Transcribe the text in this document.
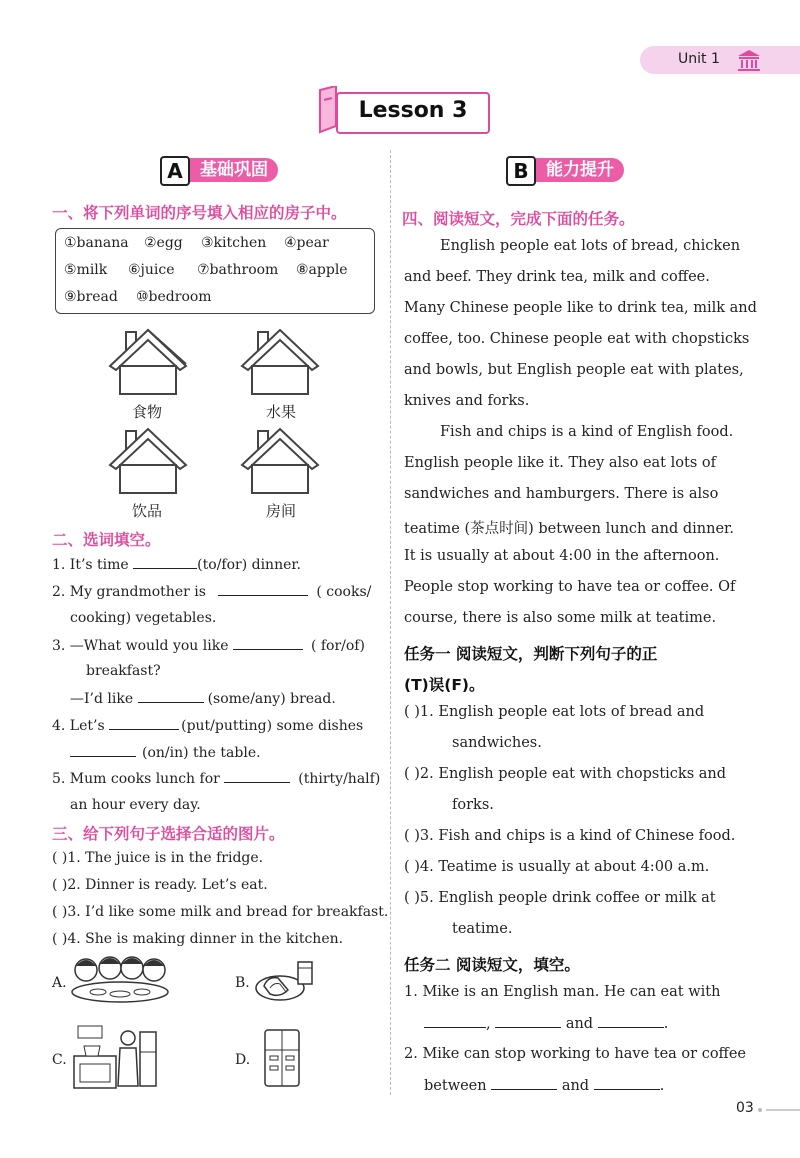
Unit 1
Lesson 3
A	基础巩固
一、将下列单词的序号填入相应的房子中。
①banana ②egg ③kitchen ④pear
⑤milk ⑥juice ⑦bathroom ⑧apple
⑨bread ⑩bedroom
食物	水果
饮品	房间
二、选词填空。
1. It’s time	(to/for) dinner.
2. My grandmother is	( cooks/
cooking) vegetables.
3. —What would you like	( for/of)
breakfast?
—I’d like	(some/any) bread.
4. Let’s	(put/putting) some dishes
(on/in) the table.
5. Mum cooks lunch for	(thirty/half)
an hour every day.
三、给下列句子选择合适的图片。
( )1. The juice is in the fridge.
( )2. Dinner is ready. Let’s eat.
( )3. I’d like some milk and bread for breakfast.
( )4. She is making dinner in the kitchen.
A.	B.
C.	D.
B	能力提升
四、阅读短文，完成下面的任务。
English people eat lots of bread, chicken
and beef. They drink tea, milk and coffee.
Many Chinese people like to drink tea, milk and
coffee, too. Chinese people eat with chopsticks
and bowls, but English people eat with plates,
knives and forks.
Fish and chips is a kind of English food.
English people like it. They also eat lots of
sandwiches and hamburgers. There is also
teatime (茶点时间) between lunch and dinner.
It is usually at about 4:00 in the afternoon.
People stop working to have tea or coffee. Of
course, there is also some milk at teatime.
任务一 阅读短文，判断下列句子的正
(T)误(F)。
( )1. English people eat lots of bread and
sandwiches.
( )2. English people eat with chopsticks and
forks.
( )3. Fish and chips is a kind of Chinese food.
( )4. Teatime is usually at about 4:00 a.m.
( )5. English people drink coffee or milk at
teatime.
任务二 阅读短文，填空。
1. Mike is an English man. He can eat with
,	and	.
2. Mike can stop working to have tea or coffee
between	and	.
03
